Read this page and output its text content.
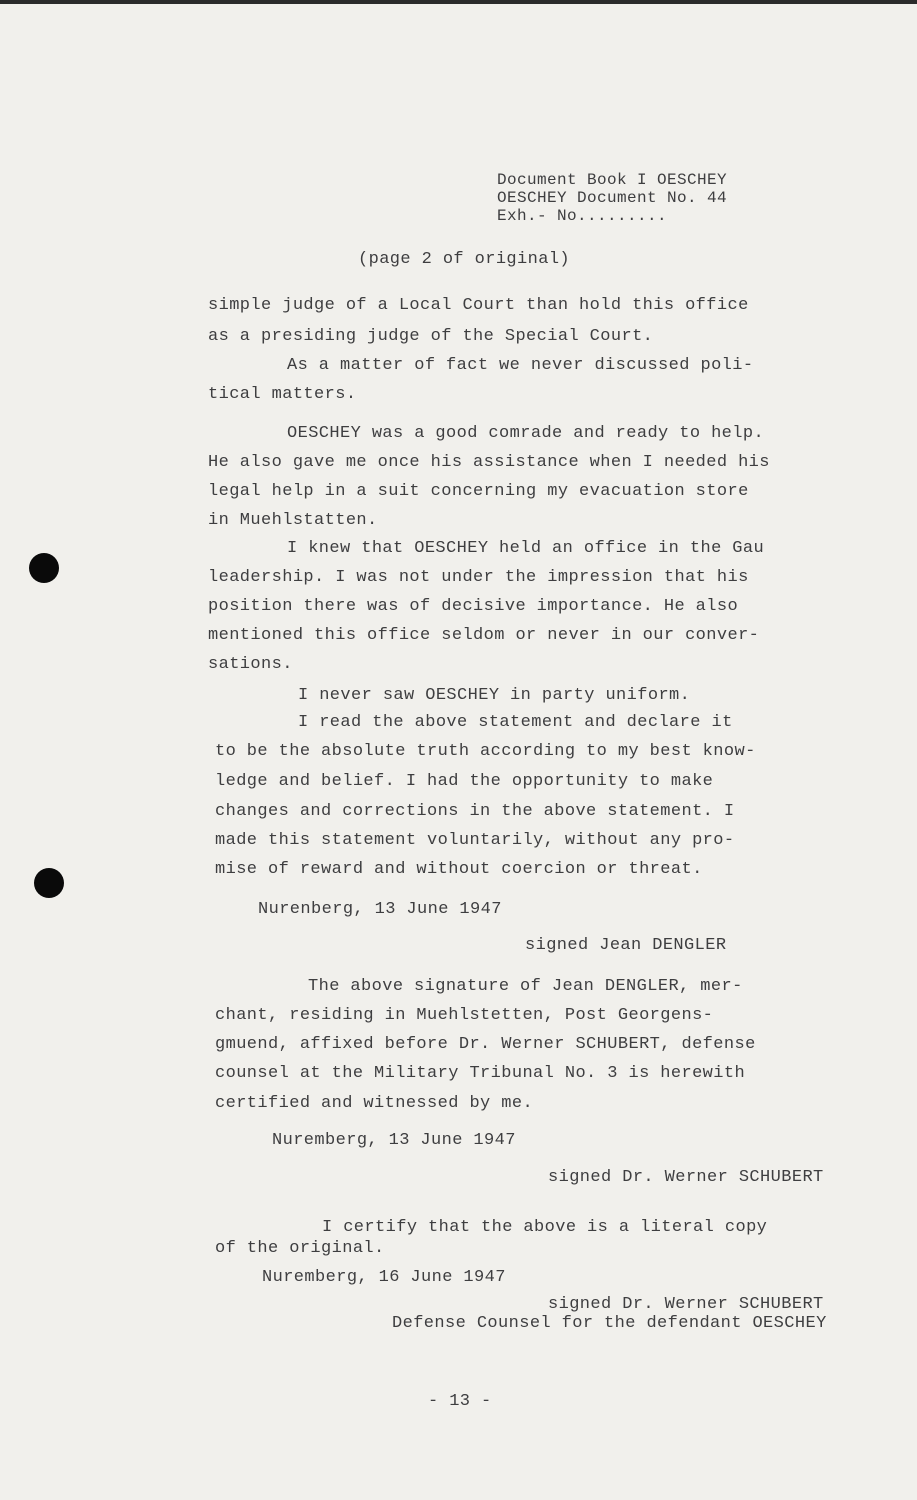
Document Book I OESCHEY
OESCHEY Document No. 44
Exh.- No.........
(page 2 of original)
simple judge of a Local Court than hold this office
as a presiding judge of the Special Court.
As a matter of fact we never discussed poli-
tical matters.
OESCHEY was a good comrade and ready to help.
He also gave me once his assistance when I needed his
legal help in a suit concerning my evacuation store
in Muehlstatten.
I knew that OESCHEY held an office in the Gau
leadership. I was not under the impression that his
position there was of decisive importance. He also
mentioned this office seldom or never in our conver-
sations.
I never saw OESCHEY in party uniform.
I read the above statement and declare it
to be the absolute truth according to my best know-
ledge and belief. I had the opportunity to make
changes and corrections in the above statement. I
made this statement voluntarily, without any pro-
mise of reward and without coercion or threat.
Nurenberg, 13 June 1947
signed Jean DENGLER
The above signature of Jean DENGLER, mer-
chant, residing in Muehlstetten, Post Georgens-
gmuend, affixed before Dr. Werner SCHUBERT, defense
counsel at the Military Tribunal No. 3 is herewith
certified and witnessed by me.
Nuremberg, 13 June 1947
signed Dr. Werner SCHUBERT
I certify that the above is a literal copy
of the original.
Nuremberg, 16 June 1947
signed Dr. Werner SCHUBERT
Defense Counsel for the defendant OESCHEY
- 13 -
